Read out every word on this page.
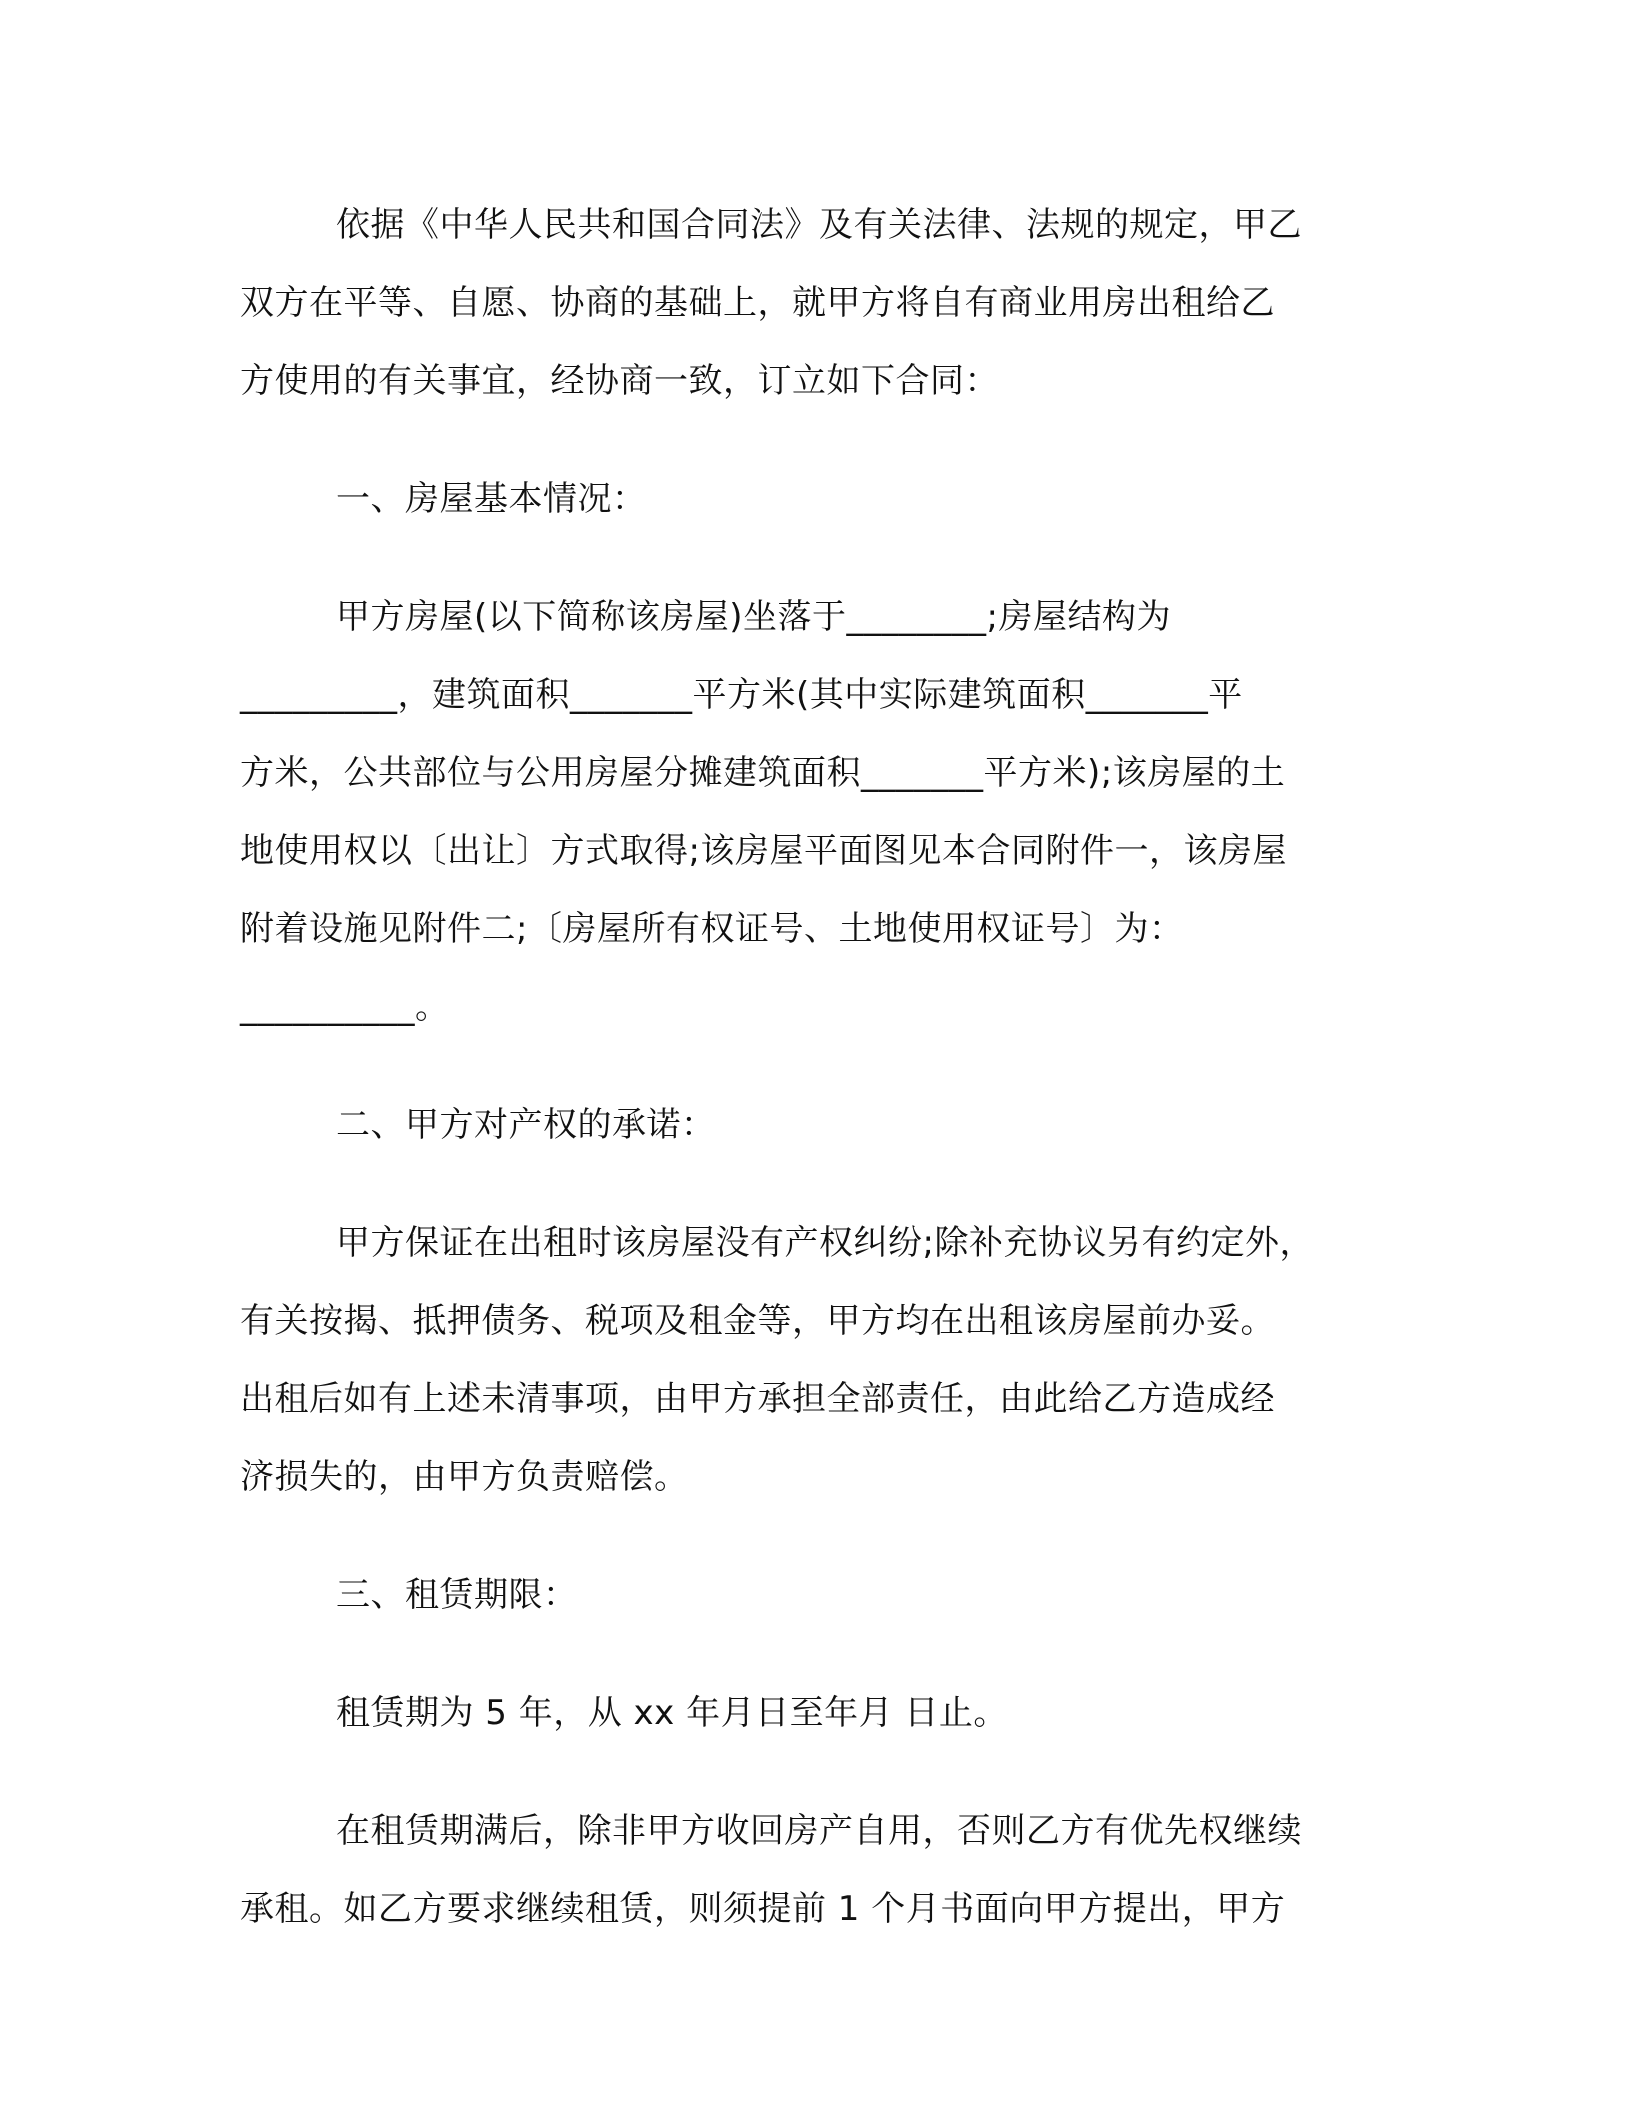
依据《中华人民共和国合同法》及有关法律、法规的规定，甲乙
双方在平等、自愿、协商的基础上，就甲方将自有商业用房出租给乙
方使用的有关事宜，经协商一致，订立如下合同：
一、房屋基本情况：
甲方房屋(以下简称该房屋)坐落于________;房屋结构为
_________，建筑面积_______平方米(其中实际建筑面积_______平
方米，公共部位与公用房屋分摊建筑面积_______平方米);该房屋的土
地使用权以〔出让〕方式取得;该房屋平面图见本合同附件一，该房屋
附着设施见附件二;〔房屋所有权证号、土地使用权证号〕为：
__________。
二、甲方对产权的承诺：
甲方保证在出租时该房屋没有产权纠纷;除补充协议另有约定外，
有关按揭、抵押债务、税项及租金等，甲方均在出租该房屋前办妥。
出租后如有上述未清事项，由甲方承担全部责任，由此给乙方造成经
济损失的，由甲方负责赔偿。
三、租赁期限：
租赁期为 5 年，从 xx 年月日至年月 日止。
在租赁期满后，除非甲方收回房产自用，否则乙方有优先权继续
承租。如乙方要求继续租赁，则须提前 1 个月书面向甲方提出，甲方
